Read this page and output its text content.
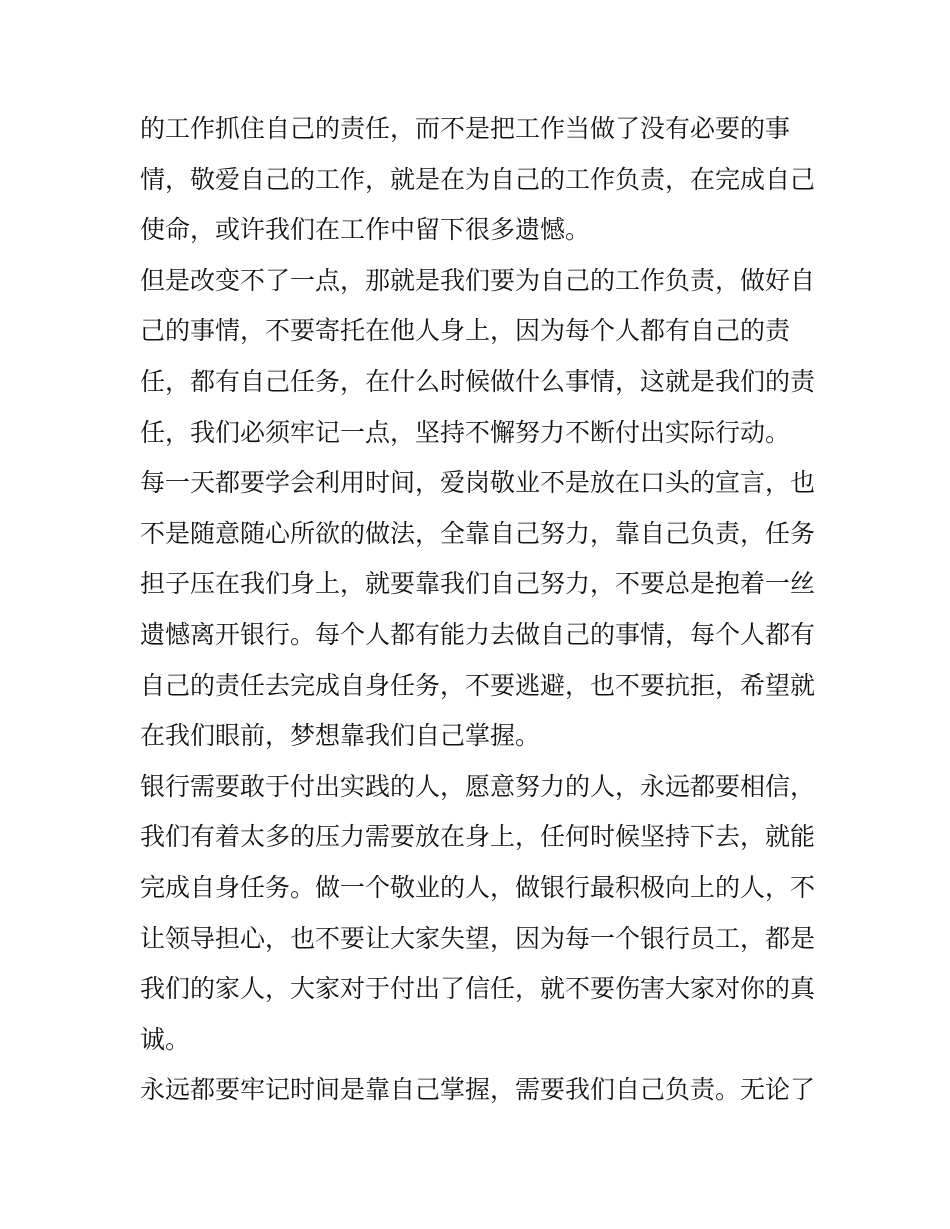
的工作抓住自己的责任，而不是把工作当做了没有必要的事
情，敬爱自己的工作，就是在为自己的工作负责，在完成自己
使命，或许我们在工作中留下很多遗憾。
但是改变不了一点，那就是我们要为自己的工作负责，做好自
己的事情，不要寄托在他人身上，因为每个人都有自己的责
任，都有自己任务，在什么时候做什么事情，这就是我们的责
任，我们必须牢记一点，坚持不懈努力不断付出实际行动。
每一天都要学会利用时间，爱岗敬业不是放在口头的宣言，也
不是随意随心所欲的做法，全靠自己努力，靠自己负责，任务
担子压在我们身上，就要靠我们自己努力，不要总是抱着一丝
遗憾离开银行。每个人都有能力去做自己的事情，每个人都有
自己的责任去完成自身任务，不要逃避，也不要抗拒，希望就
在我们眼前，梦想靠我们自己掌握。
银行需要敢于付出实践的人，愿意努力的人，永远都要相信，
我们有着太多的压力需要放在身上，任何时候坚持下去，就能
完成自身任务。做一个敬业的人，做银行最积极向上的人，不
让领导担心，也不要让大家失望，因为每一个银行员工，都是
我们的家人，大家对于付出了信任，就不要伤害大家对你的真
诚。
永远都要牢记时间是靠自己掌握，需要我们自己负责。无论了
